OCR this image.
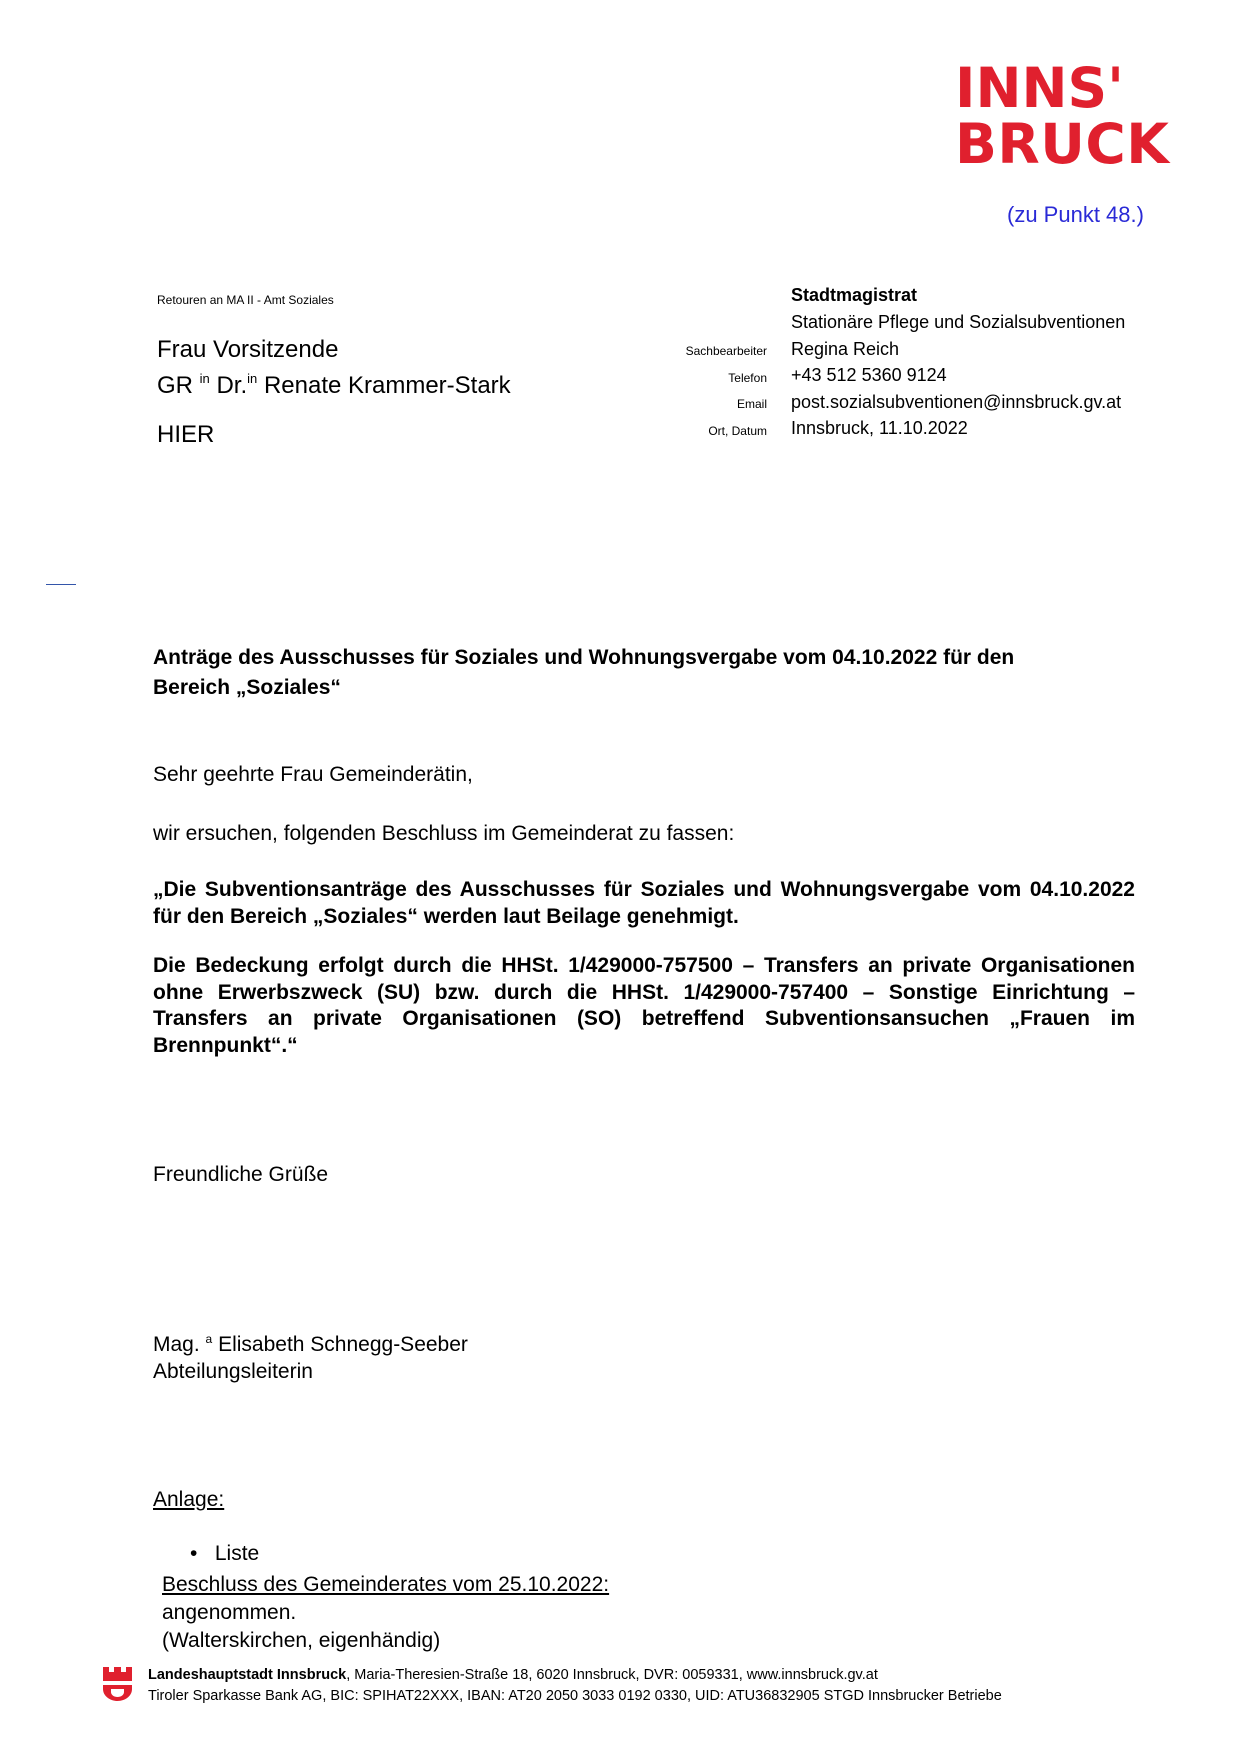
INNS'
BRUCK
(zu Punkt 48.)
Retouren an MA II - Amt Soziales
Frau Vorsitzende
GR $^{in}$ Dr.$^{in}$ Renate Krammer-Stark
HIER
Stadtmagistrat
Stationäre Pflege und Sozialsubventionen
Sachbearbeiter Regina Reich
Telefon +43 512 5360 9124
Email post.sozialsubventionen@innsbruck.gv.at
Ort, Datum Innsbruck, 11.10.2022
Anträge des Ausschusses für Soziales und Wohnungsvergabe vom 04.10.2022 für den
Bereich „Soziales“
Sehr geehrte Frau Gemeinderätin,
wir ersuchen, folgenden Beschluss im Gemeinderat zu fassen:
„Die Subventionsanträge des Ausschusses für Soziales und Wohnungsvergabe vom 04.10.2022 für den Bereich „Soziales“ werden laut Beilage genehmigt.
Die Bedeckung erfolgt durch die HHSt. 1/429000-757500 – Transfers an private Organisationen ohne Erwerbszweck (SU) bzw. durch die HHSt. 1/429000-757400 – Sonstige Einrichtung – Transfers an private Organisationen (SO) betreffend Subventionsansuchen „Frauen im Brennpunkt“.“
Freundliche Grüße
Mag. $^a$ Elisabeth Schnegg-Seeber
Abteilungsleiterin
Anlage:
• Liste
Beschluss des Gemeinderates vom 25.10.2022:
angenommen.
(Walterskirchen, eigenhändig)
Landeshauptstadt Innsbruck, Maria-Theresien-Straße 18, 6020 Innsbruck, DVR: 0059331, www.innsbruck.gv.at
Tiroler Sparkasse Bank AG, BIC: SPIHAT22XXX, IBAN: AT20 2050 3033 0192 0330, UID: ATU36832905 STGD Innsbrucker Betriebe
